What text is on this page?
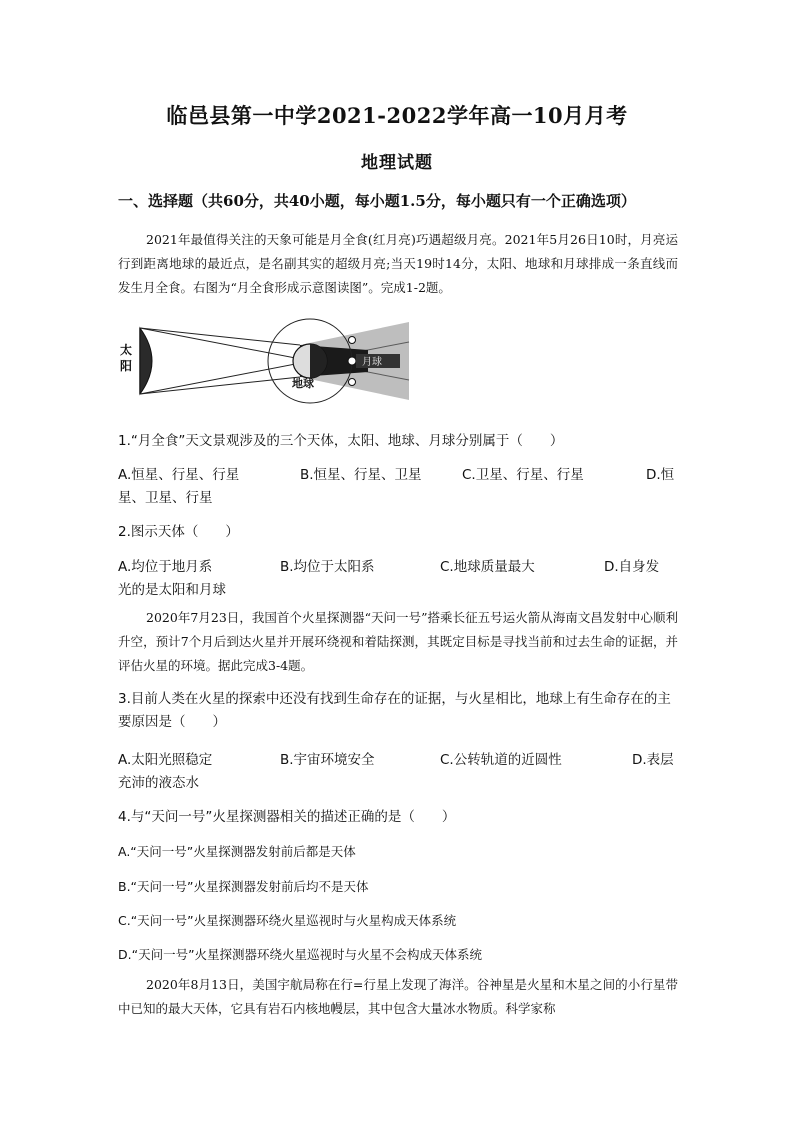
临邑县第一中学2021-2022学年高一10月月考
地理试题
一、选择题（共60分，共40小题，每小题1.5分，每小题只有一个正确选项）
2021年最值得关注的天象可能是月全食(红月亮)巧遇超级月亮。2021年5月26日10时，月亮运行到距离地球的最近点，是名副其实的超级月亮;当天19时14分，太阳、地球和月球排成一条直线而发生月全食。右图为“月全食形成示意图读图”。完成1-2题。
月球
太
阳
地球
1.“月全食”天文景观涉及的三个天体，太阳、地球、月球分别属于（　　）
A.恒星、行星、行星	B.恒星、行星、卫星	C.卫星、行星、行星	D.恒
星、卫星、行星
2.图示天体（　　）
A.均位于地月系	B.均位于太阳系	C.地球质量最大	D.自身发
光的是太阳和月球
2020年7月23日，我国首个火星探测器“天问一号”搭乘长征五号运火箭从海南文昌发射中心顺利升空，预计7个月后到达火星并开展环绕视和着陆探测，其既定目标是寻找当前和过去生命的证据，并评估火星的环境。据此完成3-4题。
3.目前人类在火星的探索中还没有找到生命存在的证据，与火星相比，地球上有生命存在的主要原因是（　　）
A.太阳光照稳定	B.宇宙环境安全	C.公转轨道的近圆性	D.表层
充沛的液态水
4.与“天问一号”火星探测器相关的描述正确的是（　　）
A.“天问一号”火星探测器发射前后都是天体
B.“天问一号”火星探测器发射前后均不是天体
C.“天问一号”火星探测器环绕火星巡视时与火星构成天体系统
D.“天问一号”火星探测器环绕火星巡视时与火星不会构成天体系统
2020年8月13日，美国宇航局称在行=行星上发现了海洋。谷神星是火星和木星之间的小行星带中已知的最大天体，它具有岩石内核地幔层，其中包含大量冰水物质。科学家称
